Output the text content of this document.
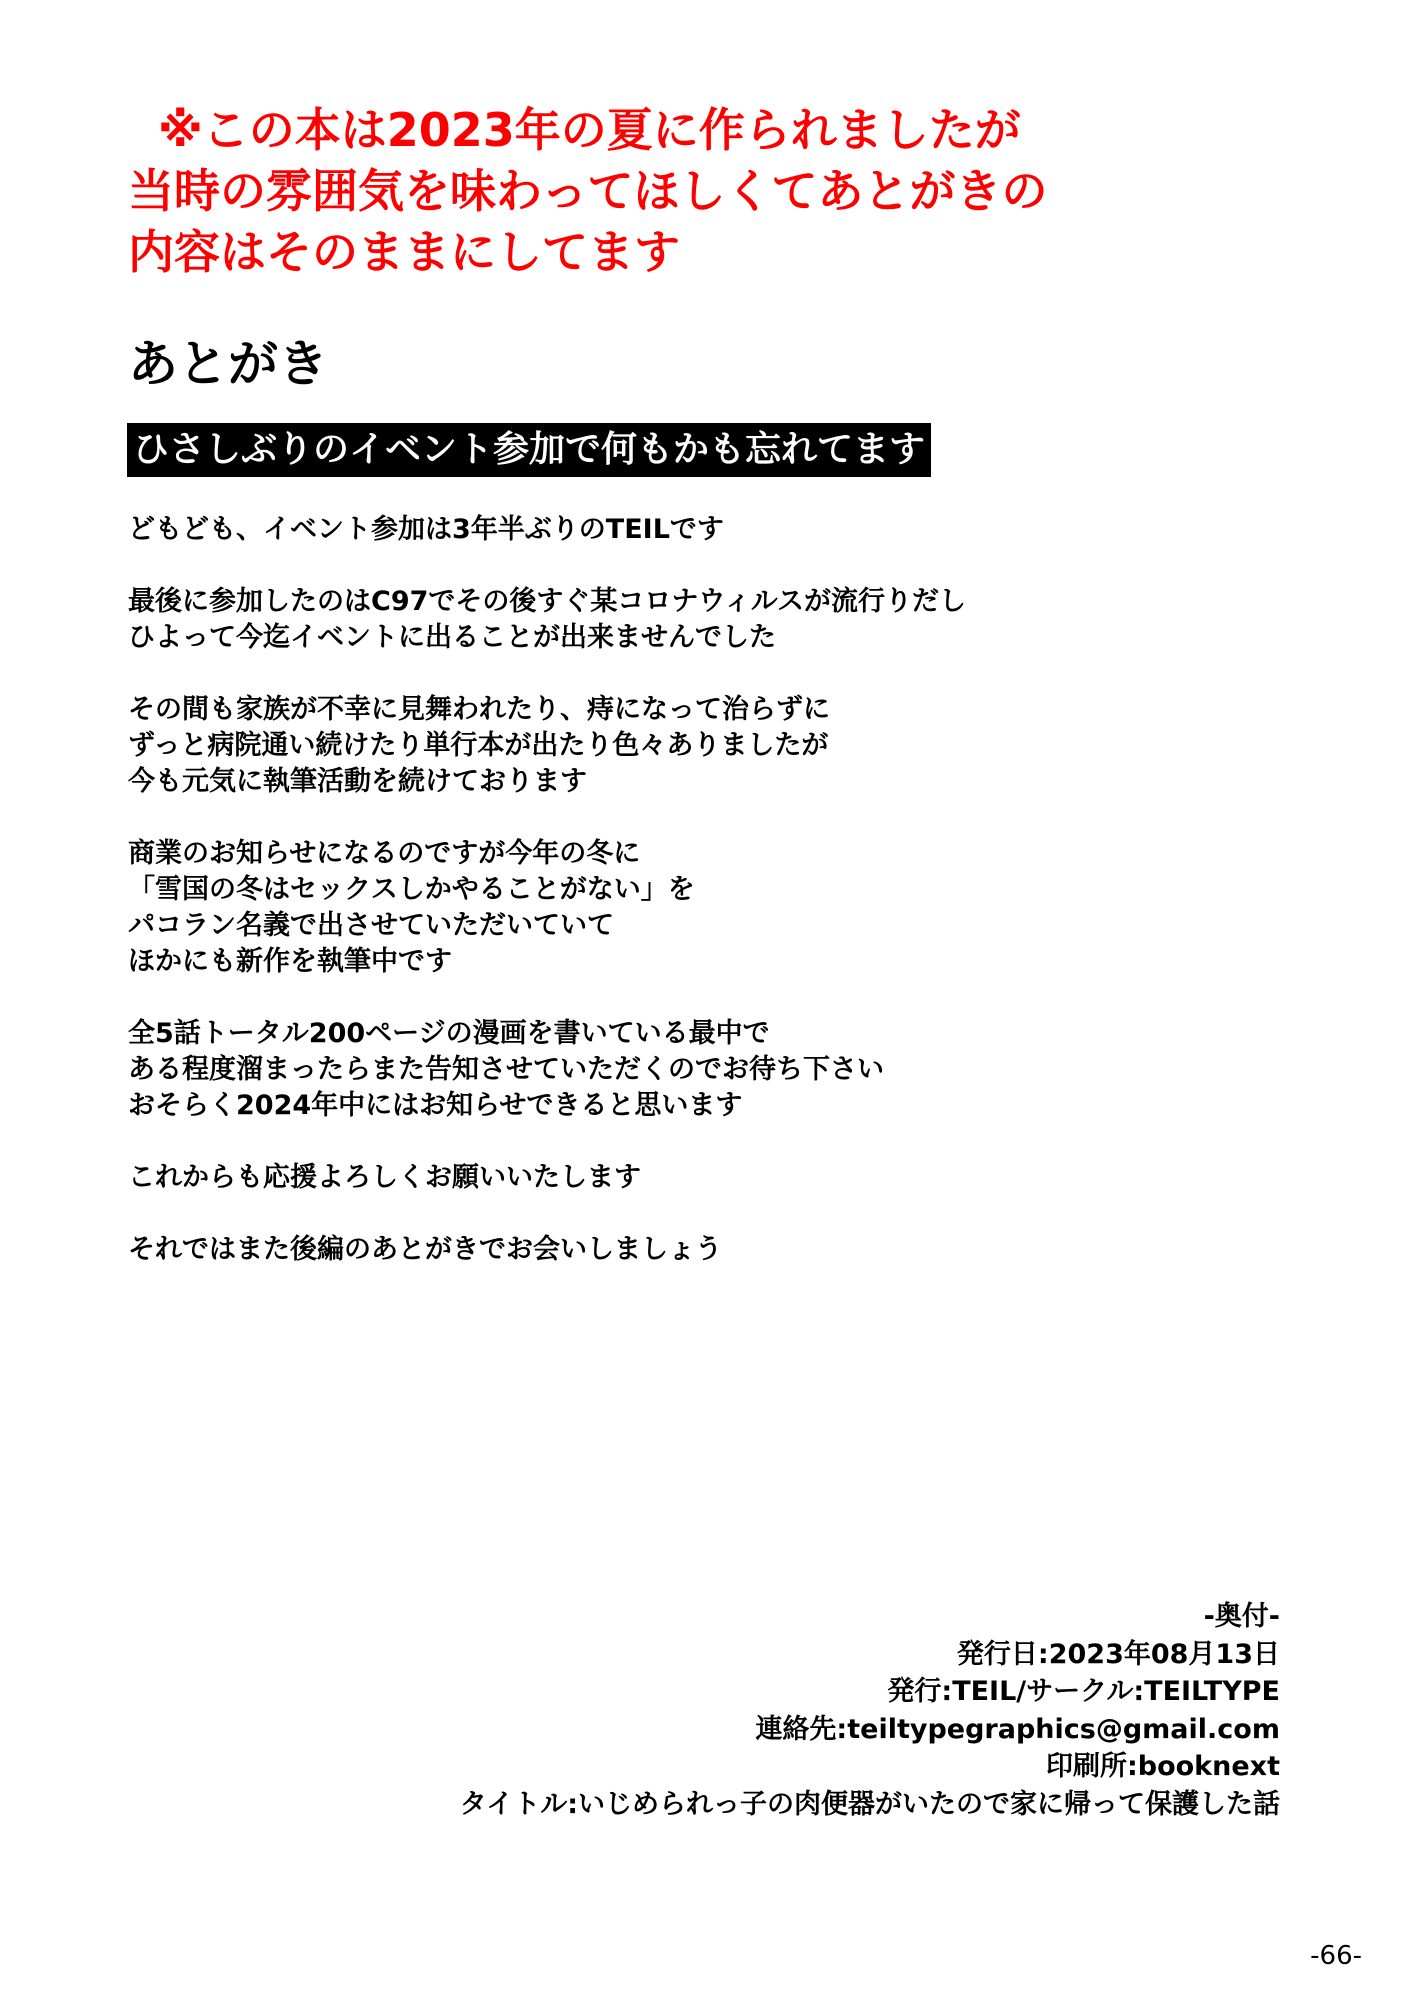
※この本は2023年の夏に作られましたが
当時の雰囲気を味わってほしくてあとがきの
内容はそのままにしてます
あとがき
ひさしぶりのイベント参加で何もかも忘れてます
どもども、イベント参加は3年半ぶりのTEILです
最後に参加したのはC97でその後すぐ某コロナウィルスが流行りだし
ひよって今迄イベントに出ることが出来ませんでした
その間も家族が不幸に見舞われたり、痔になって治らずに
ずっと病院通い続けたり単行本が出たり色々ありましたが
今も元気に執筆活動を続けております
商業のお知らせになるのですが今年の冬に
「雪国の冬はセックスしかやることがない」を
パコラン名義で出させていただいていて
ほかにも新作を執筆中です
全5話トータル200ページの漫画を書いている最中で
ある程度溜まったらまた告知させていただくのでお待ち下さい
おそらく2024年中にはお知らせできると思います
これからも応援よろしくお願いいたします
それではまた後編のあとがきでお会いしましょう
-奥付-
発行日:2023年08月13日
発行:TEIL/サークル:TEILTYPE
連絡先:teiltypegraphics@gmail.com
印刷所:booknext
タイトル:いじめられっ子の肉便器がいたので家に帰って保護した話
-66-
